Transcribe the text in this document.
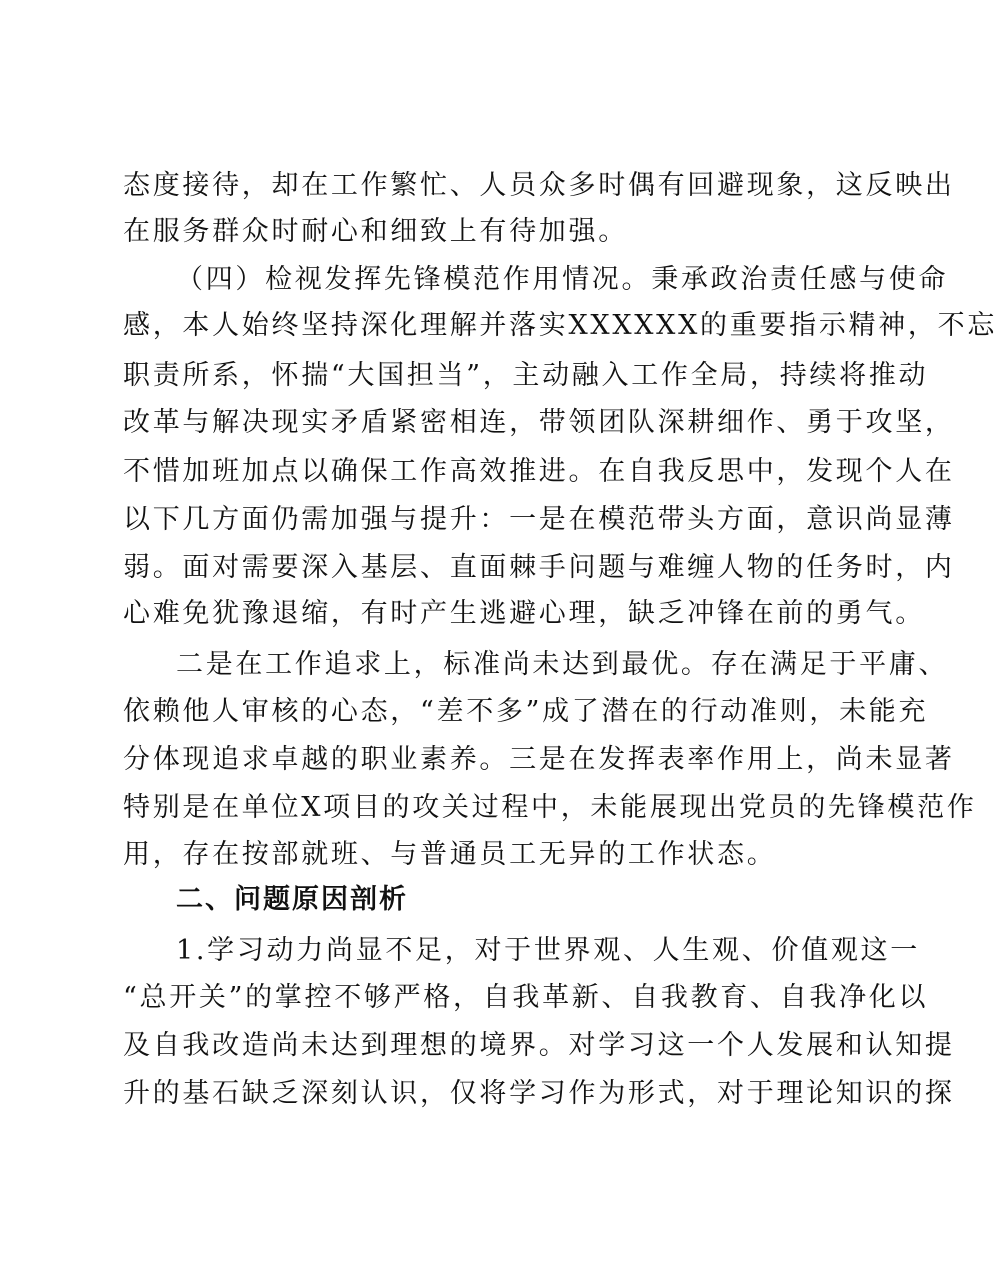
态度接待，却在工作繁忙、人员众多时偶有回避现象，这反映出
在服务群众时耐心和细致上有待加强。
（四）检视发挥先锋模范作用情况。秉承政治责任感与使命
感，本人始终坚持深化理解并落实XXXXXX的重要指示精神，不忘
职责所系，怀揣“大国担当”，主动融入工作全局，持续将推动
改革与解决现实矛盾紧密相连，带领团队深耕细作、勇于攻坚，
不惜加班加点以确保工作高效推进。在自我反思中，发现个人在
以下几方面仍需加强与提升：一是在模范带头方面，意识尚显薄
弱。面对需要深入基层、直面棘手问题与难缠人物的任务时，内
心难免犹豫退缩，有时产生逃避心理，缺乏冲锋在前的勇气。
二是在工作追求上，标准尚未达到最优。存在满足于平庸、
依赖他人审核的心态，“差不多”成了潜在的行动准则，未能充
分体现追求卓越的职业素养。三是在发挥表率作用上，尚未显著
特别是在单位X项目的攻关过程中，未能展现出党员的先锋模范作
用，存在按部就班、与普通员工无异的工作状态。
二、问题原因剖析
1.学习动力尚显不足，对于世界观、人生观、价值观这一
“总开关”的掌控不够严格，自我革新、自我教育、自我净化以
及自我改造尚未达到理想的境界。对学习这一个人发展和认知提
升的基石缺乏深刻认识，仅将学习作为形式，对于理论知识的探
